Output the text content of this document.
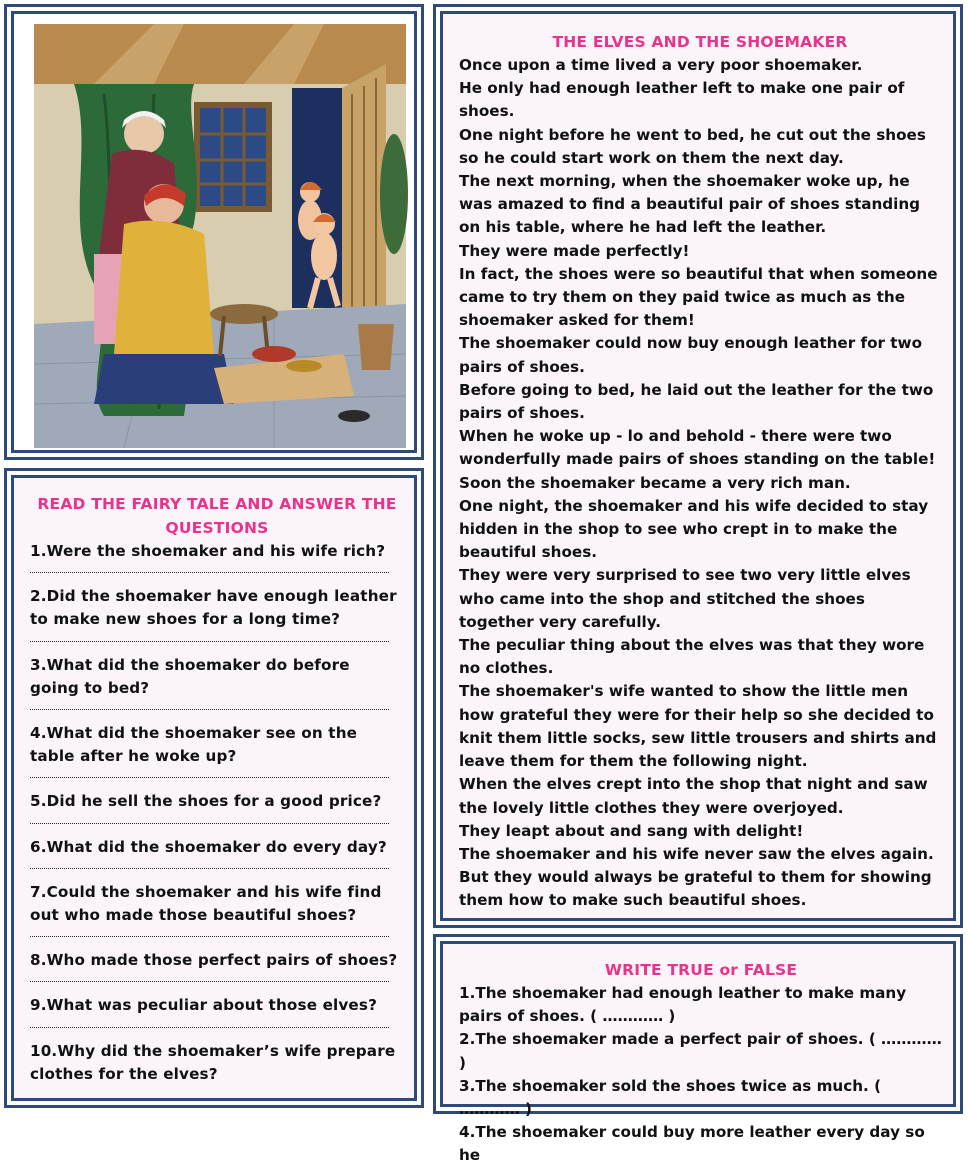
READ THE FAIRY TALE AND ANSWER THE QUESTIONS

1.Were the shoemaker and his wife rich?

2.Did the shoemaker have enough leather to make new shoes for a long time?

3.What did the shoemaker do before going to bed?

4.What did the shoemaker see on the table after he woke up?

5.Did he sell the shoes for a good price?

6.What did the shoemaker do every day?

7.Could the shoemaker and his wife find out who made those beautiful shoes?

8.Who made those perfect pairs of shoes?

9.What was peculiar about those elves?

10.Why did the shoemaker’s wife prepare clothes for the elves?

THE ELVES AND THE SHOEMAKER

Once upon a time lived a very poor shoemaker.

He only had enough leather left to make one pair of shoes.

One night before he went to bed, he cut out the shoes so he could start work on them the next day.

The next morning, when the shoemaker woke up, he was amazed to find a beautiful pair of shoes standing on his table, where he had left the leather.

They were made perfectly!

In fact, the shoes were so beautiful that when someone came to try them on they paid twice as much as the shoemaker asked for them!

The shoemaker could now buy enough leather for two pairs of shoes.

Before going to bed, he laid out the leather for the two pairs of shoes.

When he woke up - lo and behold - there were two wonderfully made pairs of shoes standing on the table!

Soon the shoemaker became a very rich man.

One night, the shoemaker and his wife decided to stay hidden in the shop to see who crept in to make the beautiful shoes.

They were very surprised to see two very little elves who came into the shop and stitched the shoes together very carefully.

The peculiar thing about the elves was that they wore no clothes.

The shoemaker's wife wanted to show the little men how grateful they were for their help so she decided to knit them little socks, sew little trousers and shirts and leave them for them the following night.

When the elves crept into the shop that night and saw the lovely little clothes they were overjoyed.

They leapt about and sang with delight!

The shoemaker and his wife never saw the elves again.

But they would always be grateful to them for showing them how to make such beautiful shoes.

WRITE TRUE or FALSE

1.The shoemaker had enough leather to make many pairs of shoes. ( ………… )

2.The shoemaker made a perfect pair of shoes. ( ………… )

3.The shoemaker sold the shoes twice as much. ( ………… )

4.The shoemaker could buy more leather every day so he
